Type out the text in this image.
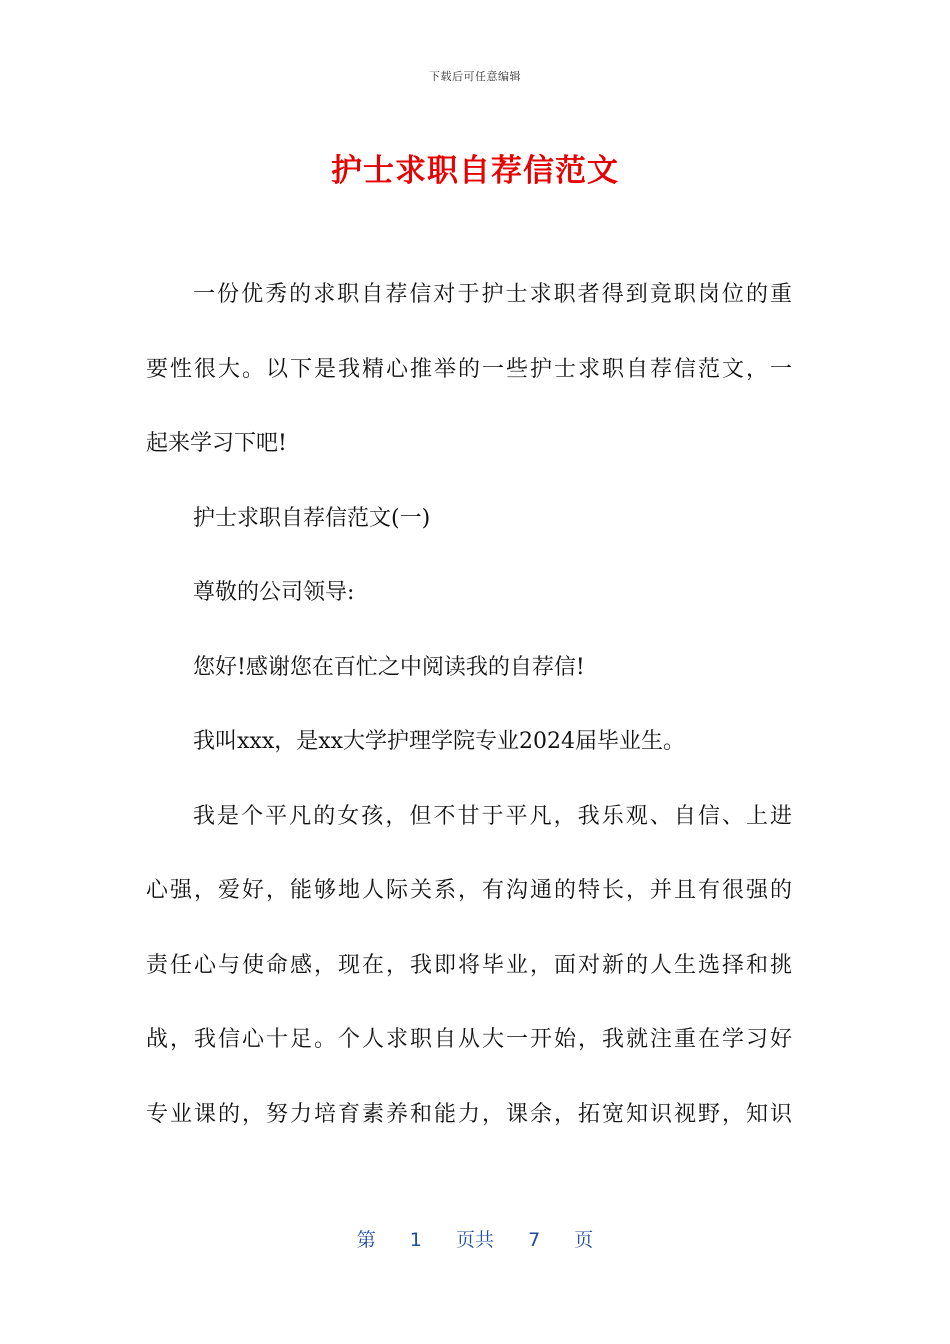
下载后可任意编辑
护士求职自荐信范文
一份优秀的求职自荐信对于护士求职者得到竟职岗位的重
要性很大。以下是我精心推举的一些护士求职自荐信范文，一
起来学习下吧!
护士求职自荐信范文(一)
尊敬的公司领导:
您好!感谢您在百忙之中阅读我的自荐信!
我叫xxx，是xx大学护理学院专业2024届毕业生。
我是个平凡的女孩，但不甘于平凡，我乐观、自信、上进
心强，爱好，能够地人际关系，有沟通的特长，并且有很强的
责任心与使命感，现在，我即将毕业，面对新的人生选择和挑
战，我信心十足。个人求职自从大一开始，我就注重在学习好
专业课的，努力培育素养和能力，课余，拓宽知识视野，知识
第 1 页共 7 页
